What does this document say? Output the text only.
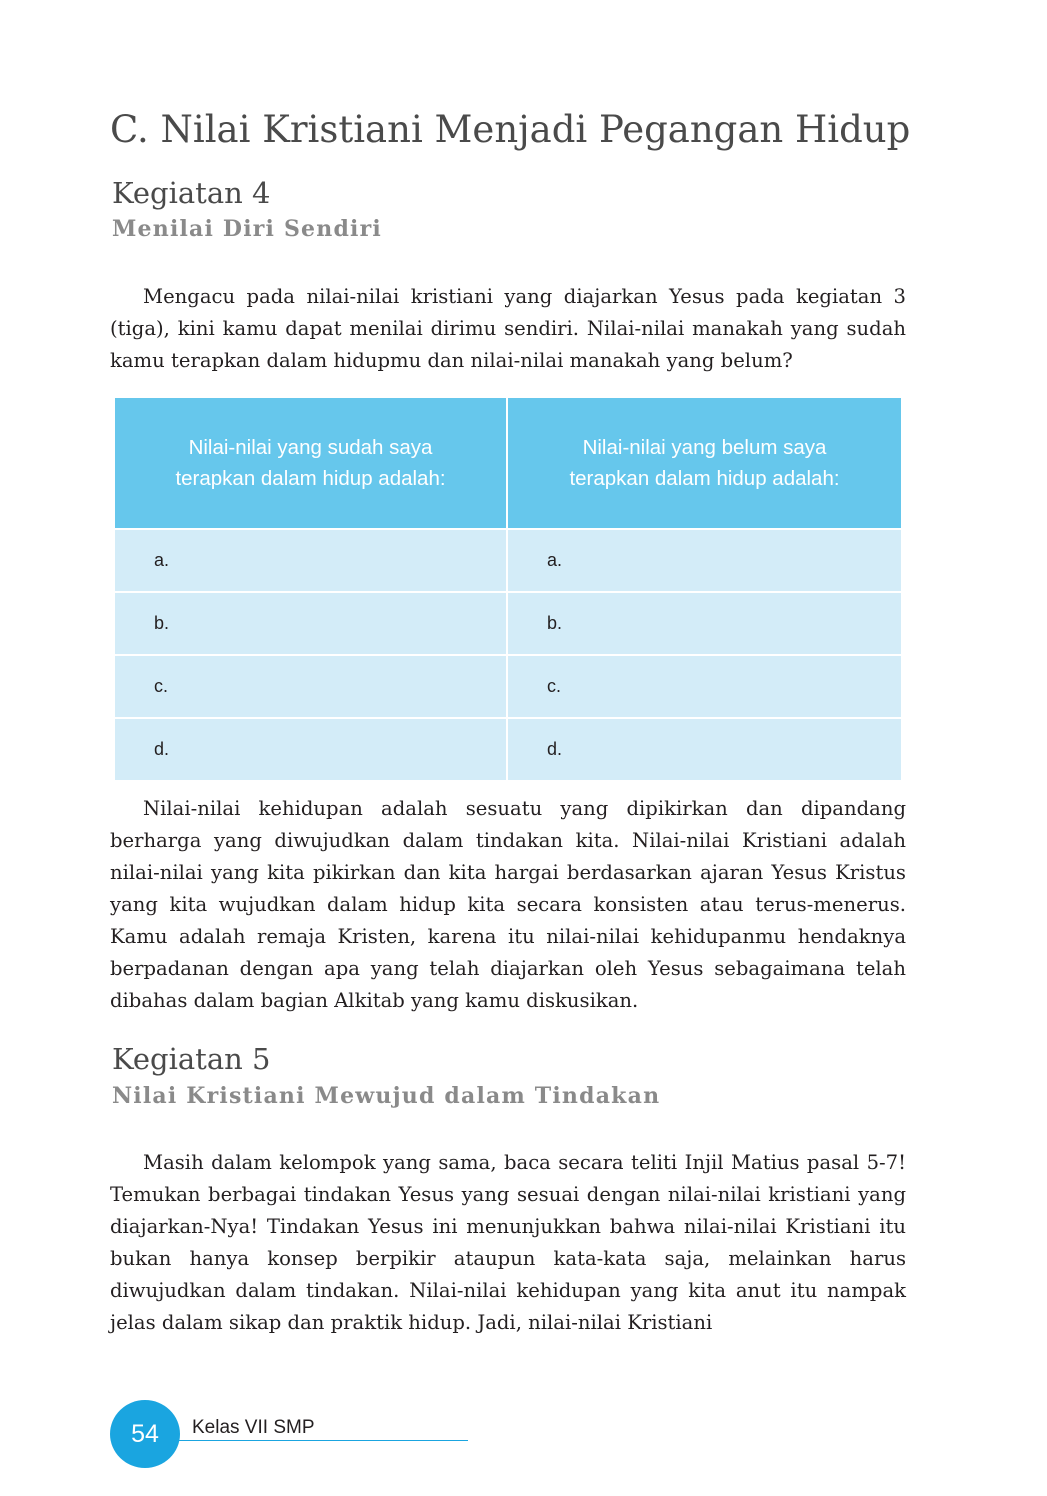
C. Nilai Kristiani Menjadi Pegangan Hidup
Kegiatan 4
Menilai Diri Sendiri

Mengacu pada nilai-nilai kristiani yang diajarkan Yesus pada kegiatan 3 (tiga), kini kamu dapat menilai dirimu sendiri. Nilai-nilai manakah yang sudah kamu terapkan dalam hidupmu dan nilai-nilai manakah yang belum?

Nilai-nilai yang sudah saya terapkan dalam hidup adalah:	Nilai-nilai yang belum saya terapkan dalam hidup adalah:
a.	a.
b.	b.
c.	c.
d.	d.

Nilai-nilai kehidupan adalah sesuatu yang dipikirkan dan dipandang berharga yang diwujudkan dalam tindakan kita. Nilai-nilai Kristiani adalah nilai-nilai yang kita pikirkan dan kita hargai berdasarkan ajaran Yesus Kristus yang kita wujudkan dalam hidup kita secara konsisten atau terus-menerus. Kamu adalah remaja Kristen, karena itu nilai-nilai kehidupanmu hendaknya berpadanan dengan apa yang telah diajarkan oleh Yesus sebagaimana telah dibahas dalam bagian Alkitab yang kamu diskusikan.

Kegiatan 5
Nilai Kristiani Mewujud dalam Tindakan

Masih dalam kelompok yang sama, baca secara teliti Injil Matius pasal 5-7! Temukan berbagai tindakan Yesus yang sesuai dengan nilai-nilai kristiani yang diajarkan-Nya! Tindakan Yesus ini menunjukkan bahwa nilai-nilai Kristiani itu bukan hanya konsep berpikir ataupun kata-kata saja, melainkan harus diwujudkan dalam tindakan. Nilai-nilai kehidupan yang kita anut itu nampak jelas dalam sikap dan praktik hidup. Jadi, nilai-nilai Kristiani

54	Kelas VII SMP
